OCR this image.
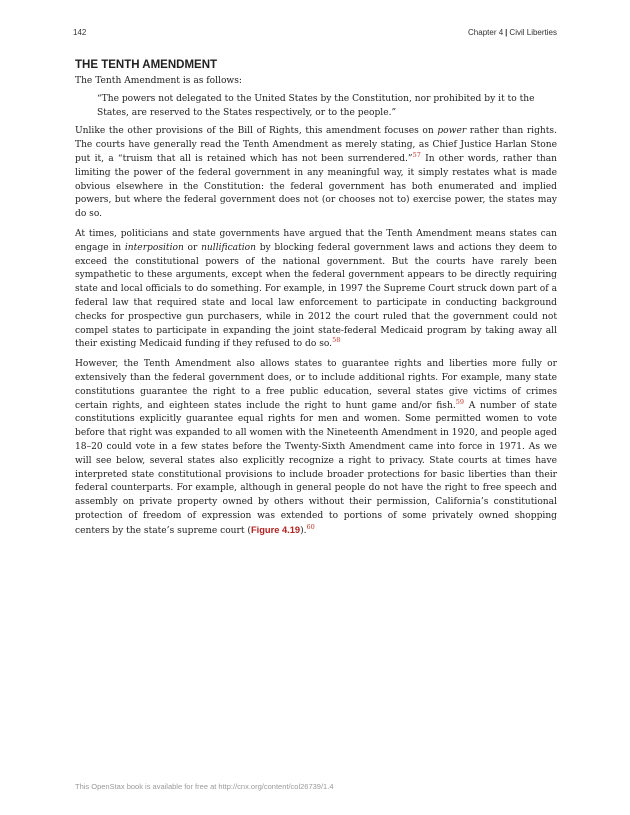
142	Chapter 4 | Civil Liberties
THE TENTH AMENDMENT

The Tenth Amendment is as follows:

“The powers not delegated to the United States by the Constitution, nor prohibited by it to the States, are reserved to the States respectively, or to the people.”

Unlike the other provisions of the Bill of Rights, this amendment focuses on power rather than rights. The courts have generally read the Tenth Amendment as merely stating, as Chief Justice Harlan Stone put it, a “truism that all is retained which has not been surrendered.”$^{57}$ In other words, rather than limiting the power of the federal government in any meaningful way, it simply restates what is made obvious elsewhere in the Constitution: the federal government has both enumerated and implied powers, but where the federal government does not (or chooses not to) exercise power, the states may do so.

At times, politicians and state governments have argued that the Tenth Amendment means states can engage in interposition or nullification by blocking federal government laws and actions they deem to exceed the constitutional powers of the national government. But the courts have rarely been sympathetic to these arguments, except when the federal government appears to be directly requiring state and local officials to do something. For example, in 1997 the Supreme Court struck down part of a federal law that required state and local law enforcement to participate in conducting background checks for prospective gun purchasers, while in 2012 the court ruled that the government could not compel states to participate in expanding the joint state-federal Medicaid program by taking away all their existing Medicaid funding if they refused to do so.$^{58}$

However, the Tenth Amendment also allows states to guarantee rights and liberties more fully or extensively than the federal government does, or to include additional rights. For example, many state constitutions guarantee the right to a free public education, several states give victims of crimes certain rights, and eighteen states include the right to hunt game and/or fish.$^{59}$ A number of state constitutions explicitly guarantee equal rights for men and women. Some permitted women to vote before that right was expanded to all women with the Nineteenth Amendment in 1920, and people aged 18–20 could vote in a few states before the Twenty-Sixth Amendment came into force in 1971. As we will see below, several states also explicitly recognize a right to privacy. State courts at times have interpreted state constitutional provisions to include broader protections for basic liberties than their federal counterparts. For example, although in general people do not have the right to free speech and assembly on private property owned by others without their permission, California’s constitutional protection of freedom of expression was extended to portions of some privately owned shopping centers by the state’s supreme court (Figure 4.19).$^{60}$

This OpenStax book is available for free at http://cnx.org/content/col26739/1.4
